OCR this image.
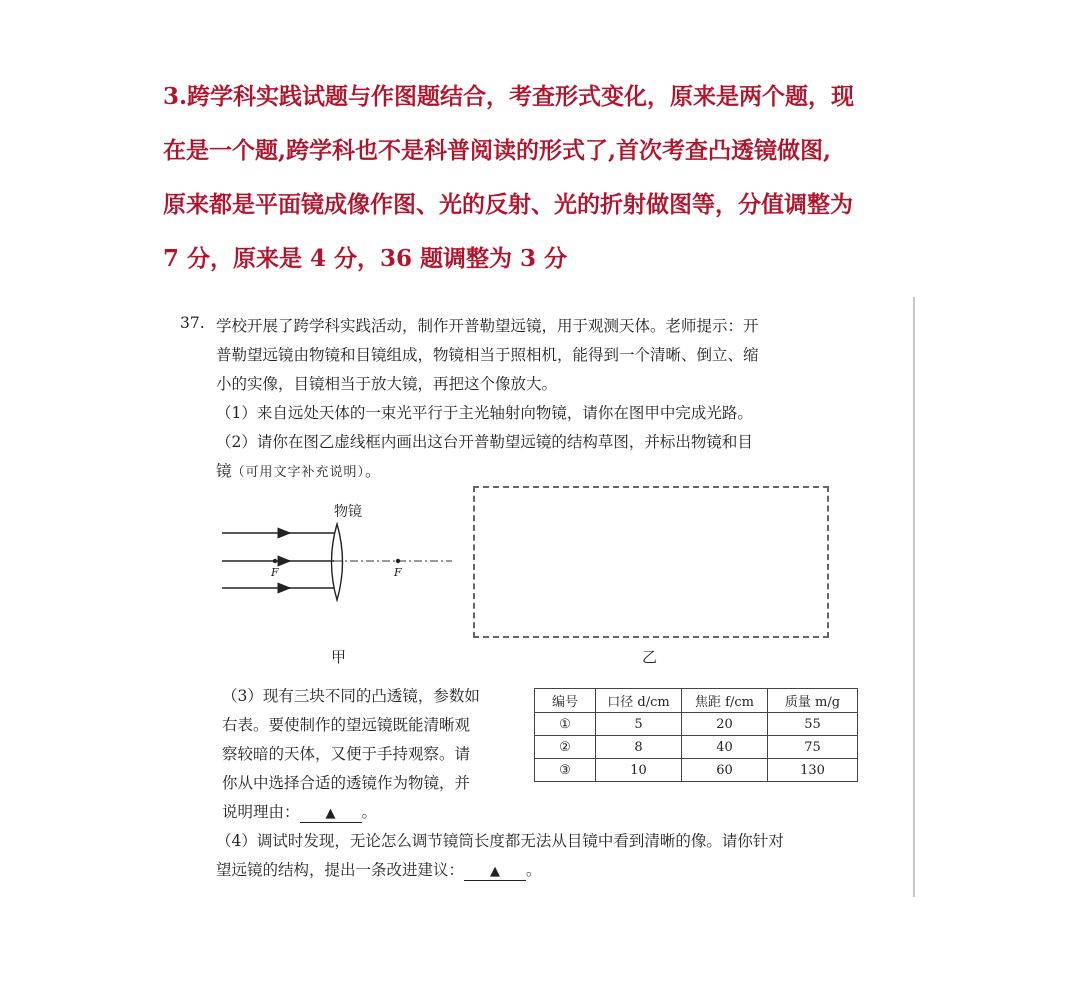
3.跨学科实践试题与作图题结合，考查形式变化，原来是两个题，现

在是一个题,跨学科也不是科普阅读的形式了,首次考查凸透镜做图,

原来都是平面镜成像作图、光的反射、光的折射做图等，分值调整为

7 分，原来是 4 分，36 题调整为 3 分

37. 学校开展了跨学科实践活动，制作开普勒望远镜，用于观测天体。老师提示：开
普勒望远镜由物镜和目镜组成，物镜相当于照相机，能得到一个清晰、倒立、缩
小的实像，目镜相当于放大镜，再把这个像放大。
（1）来自远处天体的一束光平行于主光轴射向物镜，请你在图甲中完成光路。
（2）请你在图乙虚线框内画出这台开普勒望远镜的结构草图，并标出物镜和目
镜（可用文字补充说明）。
（3）现有三块不同的凸透镜，参数如
右表。要使制作的望远镜既能清晰观
察较暗的天体，又便于手持观察。请
你从中选择合适的透镜作为物镜，并
说明理由： ▲ 。
（4）调试时发现，无论怎么调节镜筒长度都无法从目镜中看到清晰的像。请你针对
望远镜的结构，提出一条改进建议： ▲ 。
物镜
F	F
甲	乙
编号	口径 d/cm	焦距 f/cm	质量 m/g
①	5	20	55
②	8	40	75
③	10	60	130
